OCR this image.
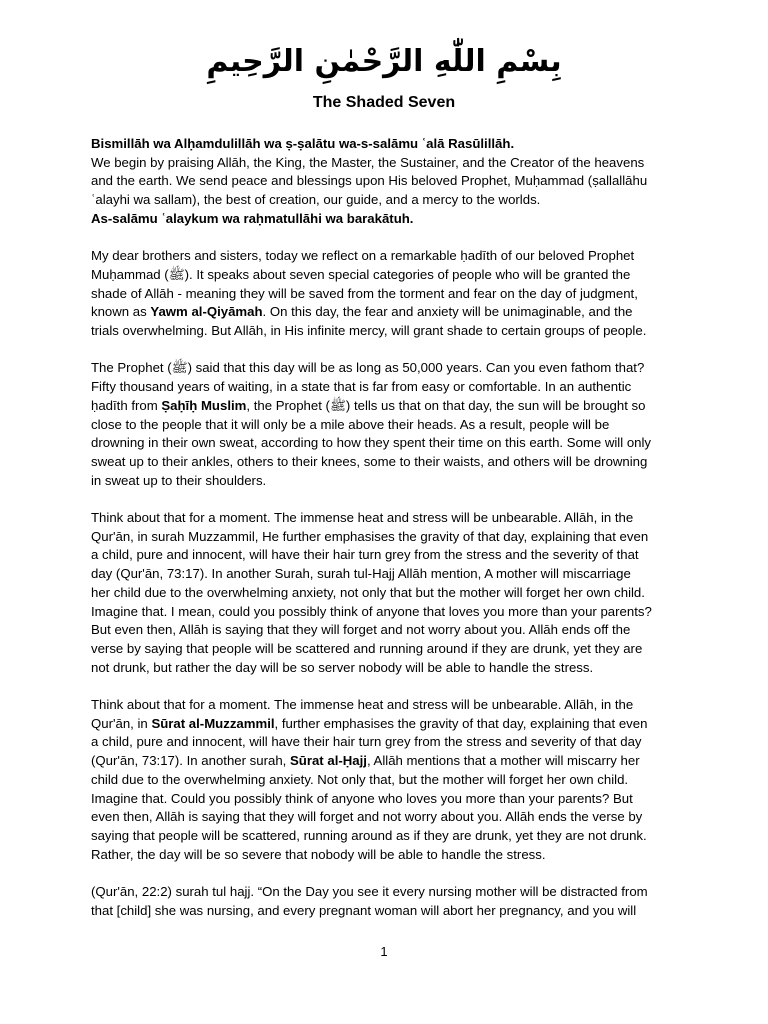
بِسْمِ اللّٰهِ الرَّحْمٰنِ الرَّحِيمِ
The Shaded Seven

Bismillāh wa Alḥamdulillāh wa ṣ-ṣalātu wa-s-salāmu ʿalā Rasūlillāh.
We begin by praising Allāh, the King, the Master, the Sustainer, and the Creator of the heavens
and the earth. We send peace and blessings upon His beloved Prophet, Muḥammad (ṣallallāhu
ʿalayhi wa sallam), the best of creation, our guide, and a mercy to the worlds.
As-salāmu ʿalaykum wa raḥmatullāhi wa barakātuh.

My dear brothers and sisters, today we reflect on a remarkable ḥadīth of our beloved Prophet
Muḥammad (ﷺ). It speaks about seven special categories of people who will be granted the
shade of Allāh - meaning they will be saved from the torment and fear on the day of judgment,
known as Yawm al-Qiyāmah. On this day, the fear and anxiety will be unimaginable, and the
trials overwhelming. But Allāh, in His infinite mercy, will grant shade to certain groups of people.

The Prophet (ﷺ) said that this day will be as long as 50,000 years. Can you even fathom that?
Fifty thousand years of waiting, in a state that is far from easy or comfortable. In an authentic
ḥadīth from Ṣaḥīḥ Muslim, the Prophet (ﷺ) tells us that on that day, the sun will be brought so
close to the people that it will only be a mile above their heads. As a result, people will be
drowning in their own sweat, according to how they spent their time on this earth. Some will only
sweat up to their ankles, others to their knees, some to their waists, and others will be drowning
in sweat up to their shoulders.

Think about that for a moment. The immense heat and stress will be unbearable. Allāh, in the
Qur'ān, in surah Muzzammil, He further emphasises the gravity of that day, explaining that even
a child, pure and innocent, will have their hair turn grey from the stress and the severity of that
day (Qur'ān, 73:17). In another Surah, surah tul-Hajj Allāh mention, A mother will miscarriage
her child due to the overwhelming anxiety, not only that but the mother will forget her own child.
Imagine that. I mean, could you possibly think of anyone that loves you more than your parents?
But even then, Allāh is saying that they will forget and not worry about you. Allāh ends off the
verse by saying that people will be scattered and running around if they are drunk, yet they are
not drunk, but rather the day will be so server nobody will be able to handle the stress.

Think about that for a moment. The immense heat and stress will be unbearable. Allāh, in the
Qur'ān, in Sūrat al-Muzzammil, further emphasises the gravity of that day, explaining that even
a child, pure and innocent, will have their hair turn grey from the stress and severity of that day
(Qur'ān, 73:17). In another surah, Sūrat al-Ḥajj, Allāh mentions that a mother will miscarry her
child due to the overwhelming anxiety. Not only that, but the mother will forget her own child.
Imagine that. Could you possibly think of anyone who loves you more than your parents? But
even then, Allāh is saying that they will forget and not worry about you. Allāh ends the verse by
saying that people will be scattered, running around as if they are drunk, yet they are not drunk.
Rather, the day will be so severe that nobody will be able to handle the stress.

(Qur'ān, 22:2) surah tul hajj. “On the Day you see it every nursing mother will be distracted from
that [child] she was nursing, and every pregnant woman will abort her pregnancy, and you will

1
